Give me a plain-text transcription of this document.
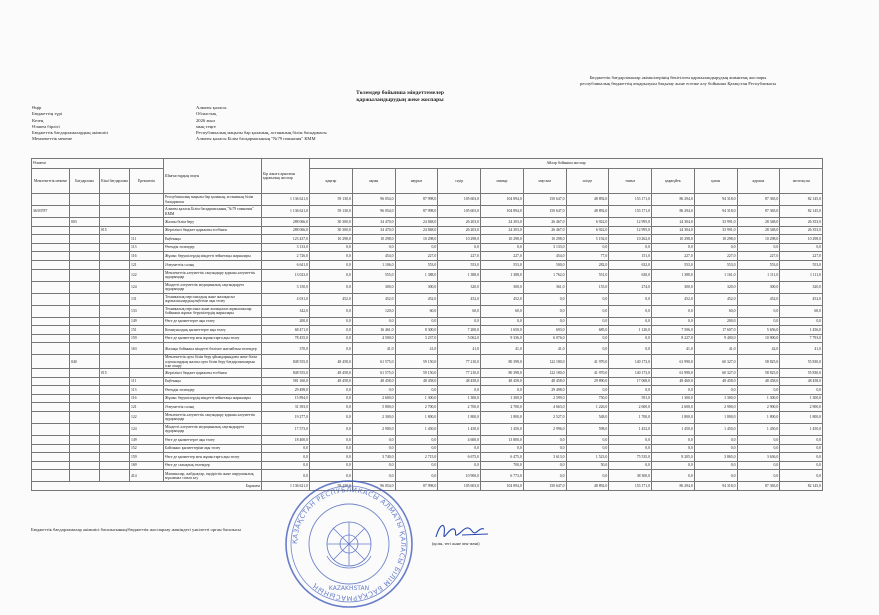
Бюджеттік бағдарламалар әкімшілерінің бекітілген қаржыландырудың жиынтық жоспары
республикалық бюджеттің атқарылуын бақылау және есепке алу бойынша Қазақстан Республикасы
Төлемдер бойынша міндеттемелер
қаржыландырудың жеке жоспары
Өңір	Алматы қаласы
Бюджеттің түрі	Облыстық
Кезең	2026 жыл
Өлшем бірлігі	мың теңге
Бюджеттік бағдарламалардың әкімшісі	Республикалық маңызы бар қаланың, астананың білім басқармасы
Мемлекеттік мекеме	Алматы қаласы Білім басқармасының "№79 гимназия" КММ
Өлшемі				Шығыстардың атауы	Бір жылға арналған қаржылық жоспар	Айлар бойынша жоспар											
Мемлекеттік мекеме	Бағдарлама	Кіші бағдарлама	Ерекшелік			қаңтар	ақпан	наурыз	сәуір	мамыр	маусым	шілде	тамыз	қыркүйек	қазан	қараша	желтоқсан
				Республикалық маңызы бар қаланың, астананың білім басқармасы	1 136 621,0	59 130,0	96 054,0	87 998,0	105 603,0	104 894,0	150 647,0	48 892,0	153 171,0	86 294,0	94 318,0	87 365,0	82 145,0
36/03787				Алматы қаласы Білім басқармасының "№79 гимназия" КММ	1 136 621,0	59 130,0	96 054,0	87 998,0	105 603,0	104 894,0	150 647,0	48 892,0	153 171,0	86 294,0	94 318,0	87 365,0	82 145,0
	003			Жалпы білім беру	288 066,0	30 300,0	34 470,0	24 848,0	26 203,0	24 303,0	26 467,0	6 922,0	12 995,0	24 304,0	33 991,0	28 348,0	26 353,0
		015		Жергілікті бюджет қаражаты есебінен	288 066,0	30 300,0	34 470,0	24 848,0	26 203,0	24 303,0	26 467,0	6 922,0	12 995,0	24 304,0	33 991,0	28 348,0	26 353,0
			111	Еңбекақы	123 437,0	10 298,0	10 298,0	10 298,0	10 298,0	10 298,0	10 298,0	5 192,0	10 262,0	10 298,0	10 298,0	10 298,0	10 298,0
			113	Өтемдік төлемдер	3 133,0	0,0	0,0	0,0	0,0	0,0	3 133,0	0,0	0,0	0,0	0,0	0,0	0,0
			116	Жұмыс берушілердің міндетті зейнетақы жарналары	2 726,0	0,0	454,0	227,0	227,0	227,0	454,0	77,0	151,0	227,0	227,0	227,0	227,0
			121	Әлеуметтік салық	6 641,0	0,0	1 106,0	553,0	553,0	553,0	500,0	282,0	632,0	553,0	553,0	553,0	553,0
			122	Мемлекеттік әлеуметтік сақтандыру қорына әлеуметтік аударымдар	13 023,0	0,0	555,0	1 388,0	1 388,0	1 388,0	1 762,0	551,0	630,0	1 388,0	1 161,0	1 111,0	1 111,0
			124	Міндетті әлеуметтік медициналық сақтандыруға аударымдар	3 150,0	0,0	300,0	300,0	320,0	300,0	361,0	155,0	274,0	300,0	320,0	300,0	320,0
			131	Техникалық персоналдың және жалақысыз жұмысшылардың еңбегіне ақы төлеу	4 031,0	452,0	452,0	452,0	452,0	452,0	0,0	0,0	0,0	452,0	452,0	452,0	452,0
			133	Техникалық персонал және жалақысыз жұмысшылар бойынша жұмыс берушілердің жарналары	342,0	0,0	120,0	60,0	60,0	60,0	0,0	0,0	0,0	0,0	60,0	0,0	60,0
			149	Өзге де қызметтерге ақы төлеу	200,0	0,0	0,0	0,0	0,0	0,0	0,0	0,0	0,0	0,0	200,0	0,0	0,0
			151	Коммуналдық қызметтерге ақы төлеу	68 471,0	0,0	16 461,0	8 300,0	7 200,0	1 650,0	693,0	685,0	1 120,0	7 506,0	17 607,0	5 656,0	1 456,0
			159	Өзге де қызметтер мен жұмыстарға ақы төлеу	78 455,0	0,0	4 500,0	3 237,0	5 062,0	9 336,0	6 076,0	0,0	0,0	8 227,0	9 400,0	10 900,0	7 793,0
			163	Жалақы бойынша міндетті бөлімге жатпайтын төлемдер	370,0	0,0	41,0	41,0	41,0	41,0	41,0	0,0	0,0	41,0	41,0	42,0	41,0
	040			Мемлекеттік орта білім беру ұйымдарындағы жеке білім алушылардың жалпы орта білім беру бағдарламаларын іске асыру	848 555,0	48 458,0	61 575,0	59 150,0	77 210,0	80 398,0	122 180,0	41 970,0	140 173,0	61 990,0	60 327,0	58 825,0	55 830,0
		015		Жергілікті бюджет қаражаты есебінен	848 555,0	48 458,0	61 575,0	59 150,0	77 210,0	80 398,0	122 180,0	41 970,0	140 173,0	61 990,0	60 327,0	58 825,0	55 830,0
			111	Еңбекақы	581 160,0	48 458,0	48 458,0	48 458,0	48 458,0	48 458,0	48 458,0	29 890,0	17 068,0	48 460,0	48 458,0	48 458,0	48 458,0
			113	Өтемдік төлемдер	29 498,0	0,0	0,0	0,0	0,0	0,0	29 498,0	0,0	0,0	0,0	0,0	0,0	0,0
			116	Жұмыс берушілердің міндетті зейнетақы жарналары	15 894,0	0,0	2 600,0	1 300,0	1 300,0	1 300,0	2 599,0	750,0	591,0	1 300,0	1 300,0	1 300,0	1 300,0
			121	Әлеуметтік салық	31 393,0	0,0	5 800,0	2 700,0	2 700,0	2 700,0	4 663,0	1 226,0	2 600,0	2 600,0	2 900,0	2 900,0	2 900,0
			122	Мемлекеттік әлеуметтік сақтандыру қорына әлеуметтік аударымдар	19 277,0	0,0	2 300,0	1 800,0	1 800,0	1 800,0	2 527,0	548,0	1 700,0	1 800,0	1 800,0	1 800,0	1 800,0
			124	Міндетті әлеуметтік медициналық сақтандыруға аударымдар	17 573,0	0,0	2 900,0	1 450,0	1 450,0	1 450,0	2 996,0	598,0	1 452,0	1 450,0	1 450,0	1 450,0	1 450,0
			149	Өзге де қызметтерге ақы төлеу	18 400,0	0,0	0,0	0,0	4 600,0	13 800,0	0,0	0,0	0,0	0,0	0,0	0,0	0,0
			152	Байланыс қызметтеріне ақы төлеу	0,0	0,0	0,0	0,0	0,0	0,0	0,0	0,0	0,0	0,0	0,0	0,0	0,0
			159	Өзге де қызметтер мен жұмыстарға ақы төлеу	0,0	0,0	3 740,0	2 715,0	6 675,0	6 475,0	3 613,0	1 523,0	75 535,0	8 205,0	3 865,0	3 636,0	0,0
			169	Өзге де салықтық төлемдер	0,0	0,0	0,0	0,0	0,0	700,0	0,0	50,0	0,0	0,0	0,0	0,0	0,0
			414	Машиналар, жабдықтар, өндірістік және шаруашылық мүкәммал сатып алу	0,0	0,0	0,0	0,0	10 900,0	6 773,0	0,0	0,0	38 300,0	0,0	0,0	0,0	0,0
Барлығы					1 136 621,0	59 130,0	96 054,0	87 998,0	105 603,0	104 894,0	150 647,0	48 892,0	153 171,0	86 294,0	94 318,0	87 365,0	82 145,0
Бюджеттік бағдарламалар әкімшісі басшысының/бюджеттік жоспарлау жөніндегі уәкілетті орган басшысы
(қолы, тегі және аты-жөні)
ҚАЗАҚСТАН РЕСПУБЛИКАСЫ АЛМАТЫ ҚАЛАСЫ БІЛІМ БАСҚАРМАСЫНЫҢ	KAZAKHSTAN
